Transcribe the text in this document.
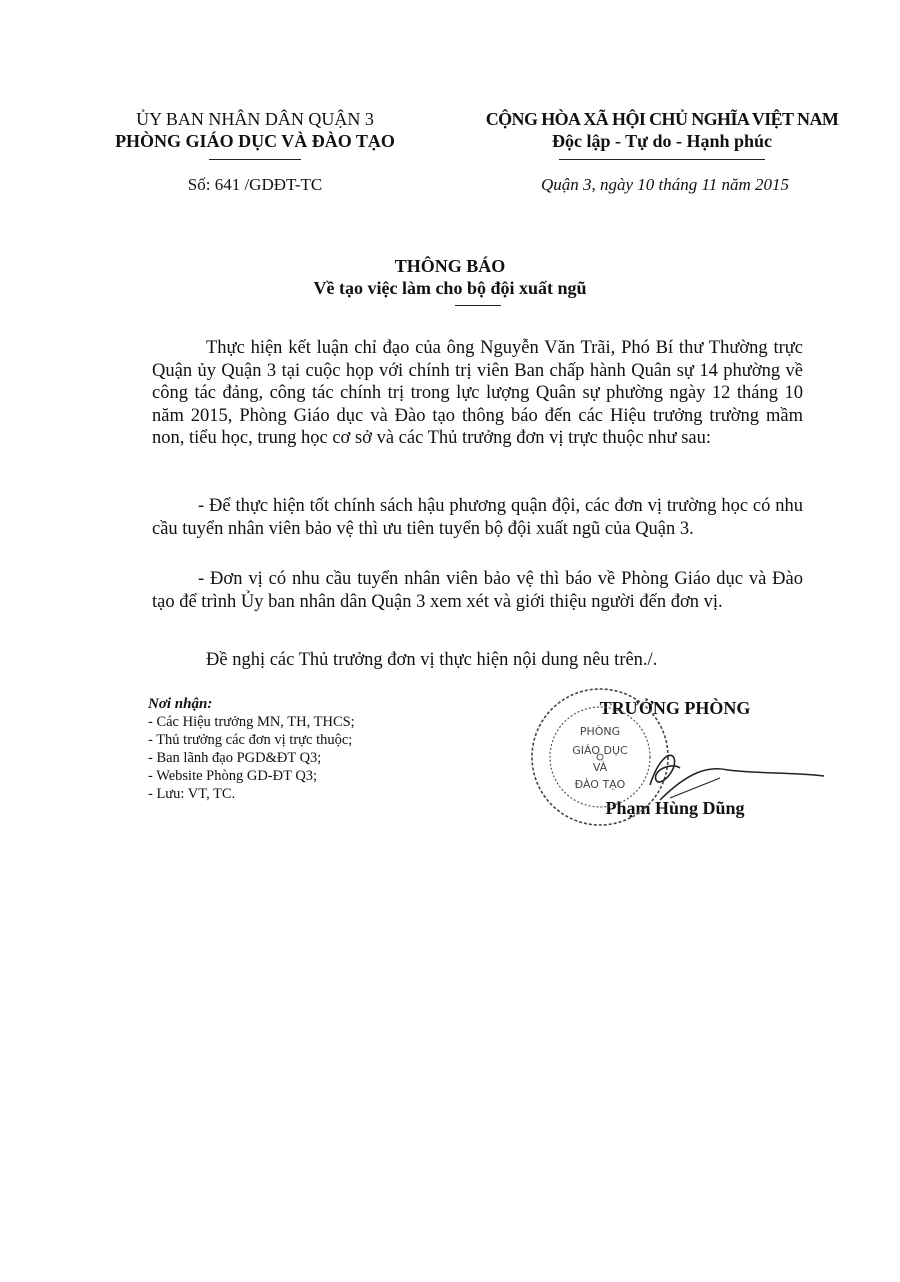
ỦY BAN NHÂN DÂN QUẬN 3
PHÒNG GIÁO DỤC VÀ ĐÀO TẠO
CỘNG HÒA XÃ HỘI CHỦ NGHĨA VIỆT NAM
Độc lập - Tự do - Hạnh phúc
Số: 641 /GDĐT-TC	Quận 3, ngày 10 tháng 11 năm 2015
THÔNG BÁO
Về tạo việc làm cho bộ đội xuất ngũ
Thực hiện kết luận chỉ đạo của ông Nguyễn Văn Trãi, Phó Bí thư Thường trực Quận ủy Quận 3 tại cuộc họp với chính trị viên Ban chấp hành Quân sự 14 phường về công tác đảng, công tác chính trị trong lực lượng Quân sự phường ngày 12 tháng 10 năm 2015, Phòng Giáo dục và Đào tạo thông báo đến các Hiệu trưởng trường mầm non, tiểu học, trung học cơ sở và các Thủ trưởng đơn vị trực thuộc như sau:
- Để thực hiện tốt chính sách hậu phương quận đội, các đơn vị trường học có nhu cầu tuyển nhân viên bảo vệ thì ưu tiên tuyển bộ đội xuất ngũ của Quận 3.
- Đơn vị có nhu cầu tuyển nhân viên bảo vệ thì báo về Phòng Giáo dục và Đào tạo để trình Ủy ban nhân dân Quận 3 xem xét và giới thiệu người đến đơn vị.
Đề nghị các Thủ trưởng đơn vị thực hiện nội dung nêu trên./.
Nơi nhận:
- Các Hiệu trưởng MN, TH, THCS;
- Thủ trưởng các đơn vị trực thuộc;
- Ban lãnh đạo PGD&ĐT Q3;
- Website Phòng GD-ĐT Q3;
- Lưu: VT, TC.
TRƯỞNG PHÒNG
Phạm Hùng Dũng
PHÒNG
GIÁO DỤC
VÀ
ĐÀO TẠO
